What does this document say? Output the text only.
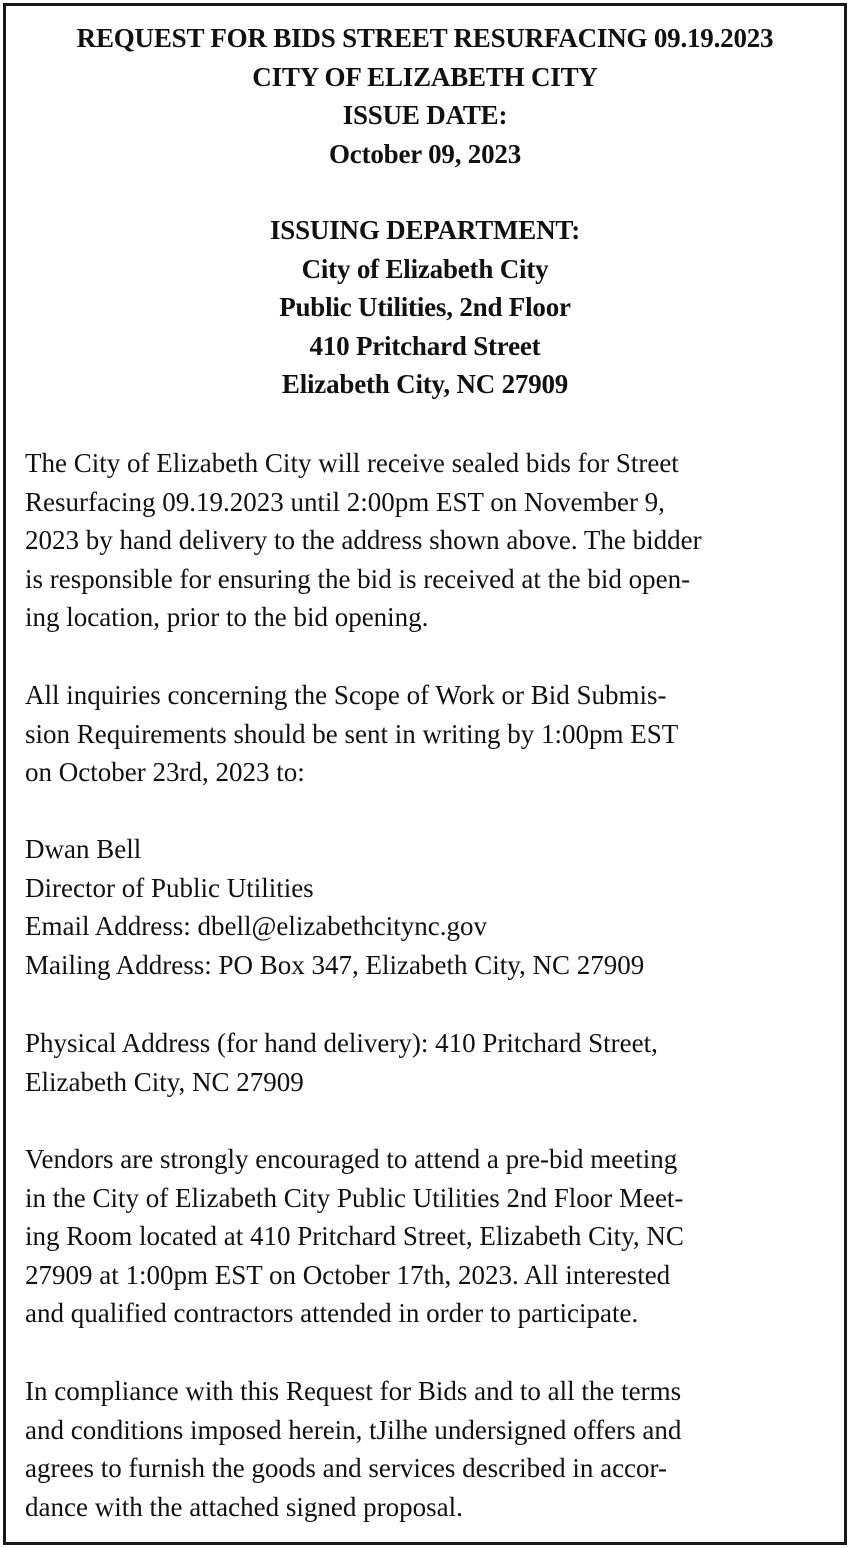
REQUEST FOR BIDS STREET RESURFACING 09.19.2023
CITY OF ELIZABETH CITY
ISSUE DATE:
October 09, 2023
ISSUING DEPARTMENT:
City of Elizabeth City
Public Utilities, 2nd Floor
410 Pritchard Street
Elizabeth City, NC 27909
The City of Elizabeth City will receive sealed bids for Street
Resurfacing 09.19.2023 until 2:00pm EST on November 9,
2023 by hand delivery to the address shown above. The bidder
is responsible for ensuring the bid is received at the bid open-
ing location, prior to the bid opening.
All inquiries concerning the Scope of Work or Bid Submis-
sion Requirements should be sent in writing by 1:00pm EST
on October 23rd, 2023 to:
Dwan Bell
Director of Public Utilities
Email Address: dbell@elizabethcitync.gov
Mailing Address: PO Box 347, Elizabeth City, NC 27909
Physical Address (for hand delivery): 410 Pritchard Street,
Elizabeth City, NC 27909
Vendors are strongly encouraged to attend a pre-bid meeting
in the City of Elizabeth City Public Utilities 2nd Floor Meet-
ing Room located at 410 Pritchard Street, Elizabeth City, NC
27909 at 1:00pm EST on October 17th, 2023. All interested
and qualified contractors attended in order to participate.
In compliance with this Request for Bids and to all the terms
and conditions imposed herein, tJilhe undersigned offers and
agrees to furnish the goods and services described in accor-
dance with the attached signed proposal.
